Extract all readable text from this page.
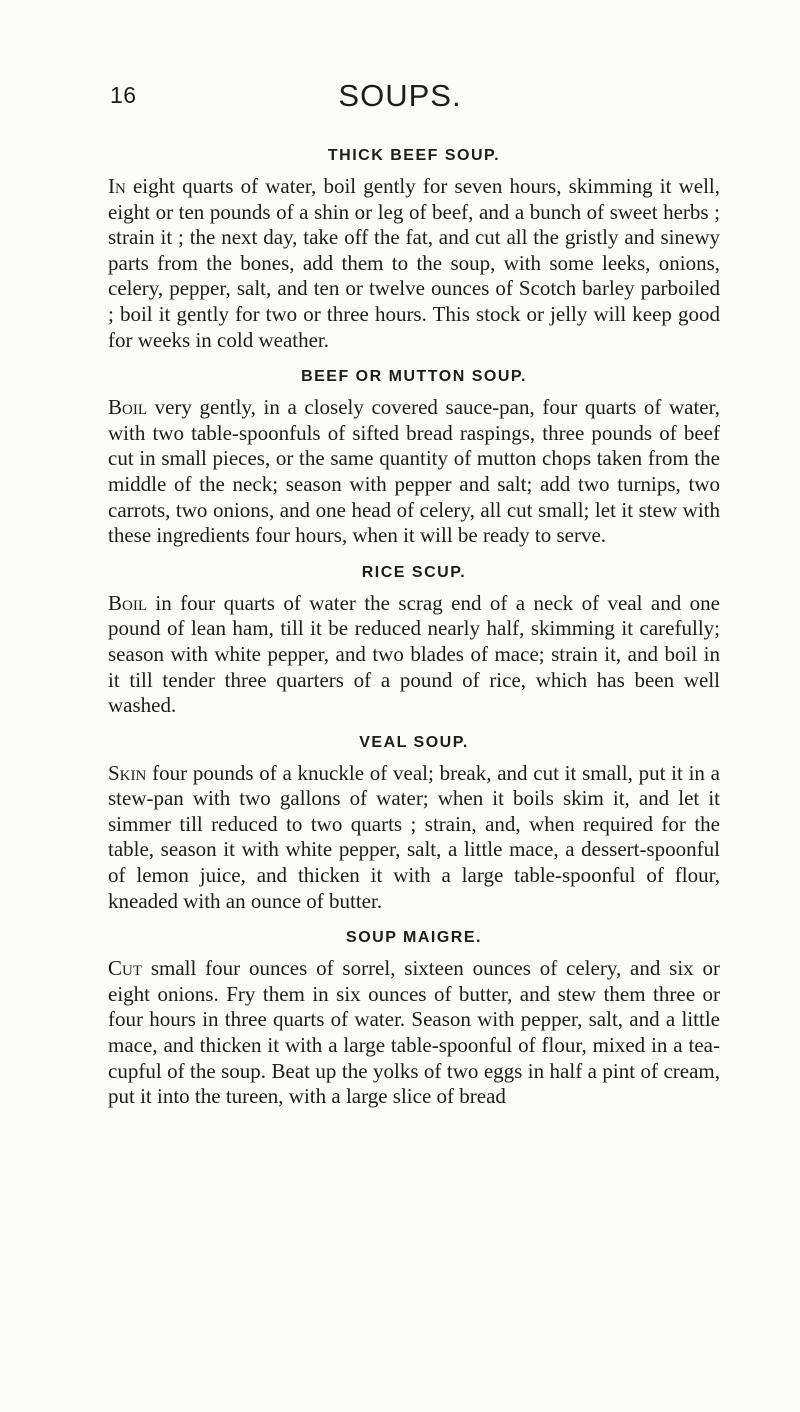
16	SOUPS.
THICK BEEF SOUP.

In eight quarts of water, boil gently for seven hours, skimming it well, eight or ten pounds of a shin or leg of beef, and a bunch of sweet herbs ; strain it ; the next day, take off the fat, and cut all the gristly and sinewy parts from the bones, add them to the soup, with some leeks, onions, celery, pepper, salt, and ten or twelve ounces of Scotch barley parboiled ; boil it gently for two or three hours. This stock or jelly will keep good for weeks in cold weather.

BEEF OR MUTTON SOUP.

Boil very gently, in a closely covered sauce-pan, four quarts of water, with two table-spoonfuls of sifted bread raspings, three pounds of beef cut in small pieces, or the same quantity of mutton chops taken from the middle of the neck; season with pepper and salt; add two turnips, two carrots, two onions, and one head of celery, all cut small; let it stew with these ingredients four hours, when it will be ready to serve.

RICE SCUP.

Boil in four quarts of water the scrag end of a neck of veal and one pound of lean ham, till it be reduced nearly half, skimming it carefully; season with white pepper, and two blades of mace; strain it, and boil in it till tender three quarters of a pound of rice, which has been well washed.

VEAL SOUP.

Skin four pounds of a knuckle of veal; break, and cut it small, put it in a stew-pan with two gallons of water; when it boils skim it, and let it simmer till reduced to two quarts ; strain, and, when required for the table, season it with white pepper, salt, a little mace, a dessert-spoonful of lemon juice, and thicken it with a large table-spoonful of flour, kneaded with an ounce of butter.

SOUP MAIGRE.

Cut small four ounces of sorrel, sixteen ounces of celery, and six or eight onions. Fry them in six ounces of butter, and stew them three or four hours in three quarts of water. Season with pepper, salt, and a little mace, and thicken it with a large table-spoonful of flour, mixed in a tea-cupful of the soup. Beat up the yolks of two eggs in half a pint of cream, put it into the tureen, with a large slice of bread
